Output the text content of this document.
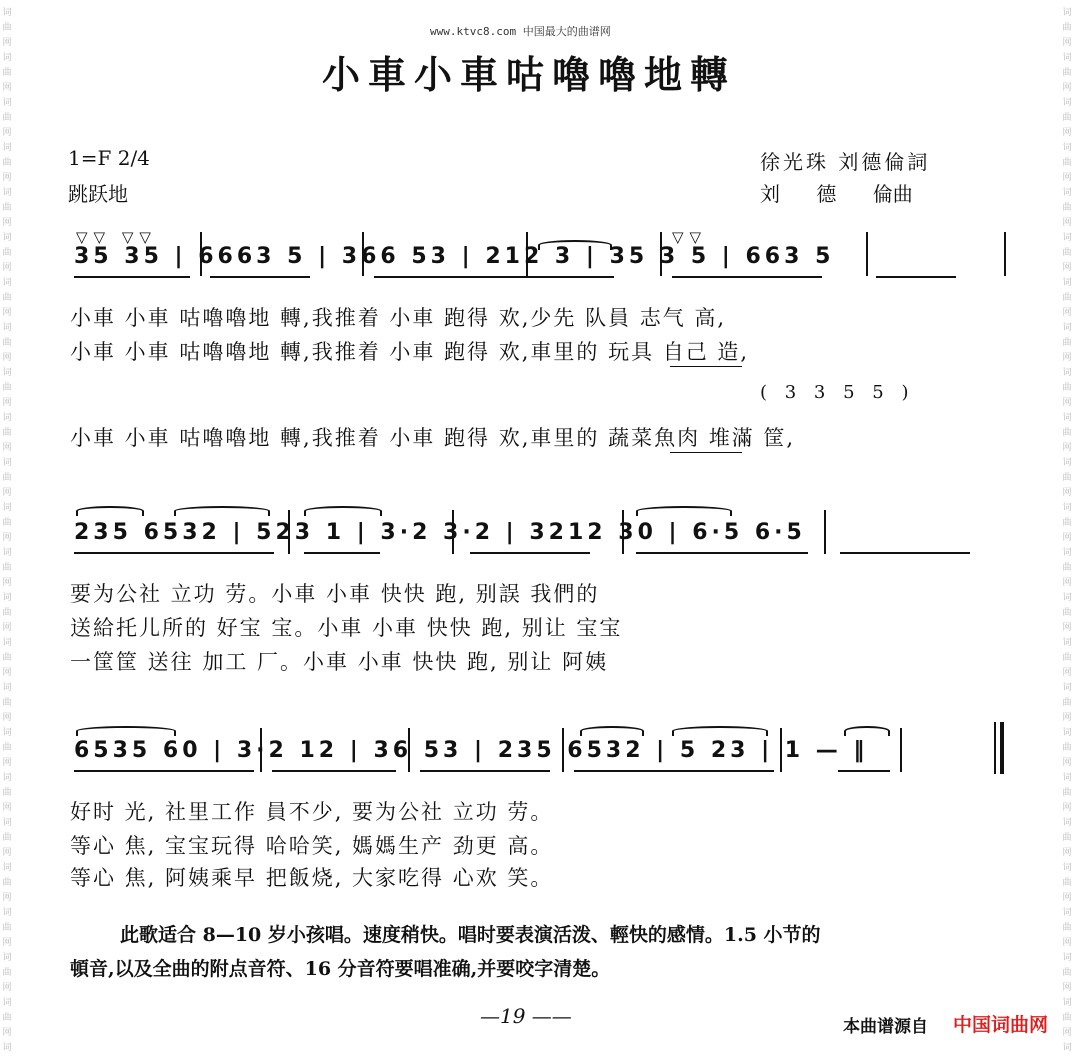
词
曲
网
词
曲
网
词
曲
网
词
曲
网
词
曲
网
词
曲
网
词
曲
网
词
曲
网
词
曲
网
词
曲
网
词
曲
网
词
曲
网
词
曲
网
词
曲
网
词
曲
网
词
曲
网
词
曲
网
词
曲
网
词
曲
网
词
曲
网
词
曲
网
词
曲
网
词
曲
网
词
词
曲
网
词
曲
网
词
曲
网
词
曲
网
词
曲
网
词
曲
网
词
曲
网
词
曲
网
词
曲
网
词
曲
网
词
曲
网
词
曲
网
词
曲
网
词
曲
网
词
曲
网
词
曲
网
词
曲
网
词
曲
网
词
曲
网
词
曲
网
词
曲
网
词
曲
网
词
曲
网
词
www.ktvc8.com 中国最大的曲谱网
小車小車咕嚕嚕地轉
1=F 2/4
跳跃地
徐光珠 刘德倫詞
刘 德 倫曲
▽▽ ▽▽	▽▽
35 35 | 6663 5 | 366 53 | 212 3 | 35 3 5 | 663 5
小車 小車 咕嚕嚕地 轉,我推着 小車 跑得 欢,少先 队員 志气 高,
小車 小車 咕嚕嚕地 轉,我推着 小車 跑得 欢,車里的 玩具 自己 造,
( 3 3 5 5 )
小車 小車 咕嚕嚕地 轉,我推着 小車 跑得 欢,車里的 蔬菜魚肉 堆滿 筐,
235 6532 | 523 1 | 3·2 3·2 | 3212 30 | 6·5 6·5
要为公社 立功 劳。小車 小車 快快 跑, 别誤 我們的
送給托儿所的 好宝 宝。小車 小車 快快 跑, 别让 宝宝
一筐筐 送往 加工 厂。小車 小車 快快 跑, 别让 阿姨
6535 60 | 3·2 12 | 36 53 | 235 6532 | 5 23 | 1 — ‖
好时 光, 社里工作 員不少, 要为公社 立功 劳。
等心 焦, 宝宝玩得 哈哈笑, 媽媽生产 劲更 高。
等心 焦, 阿姨乘早 把飯烧, 大家吃得 心欢 笑。
此歌适合 8—10 岁小孩唱。速度稍快。唱时要表演活泼、輕快的感情。1.5 小节的
頓音,以及全曲的附点音符、16 分音符要唱准确,并要咬字清楚。
—19 ——	本曲谱源自 中国词曲网
